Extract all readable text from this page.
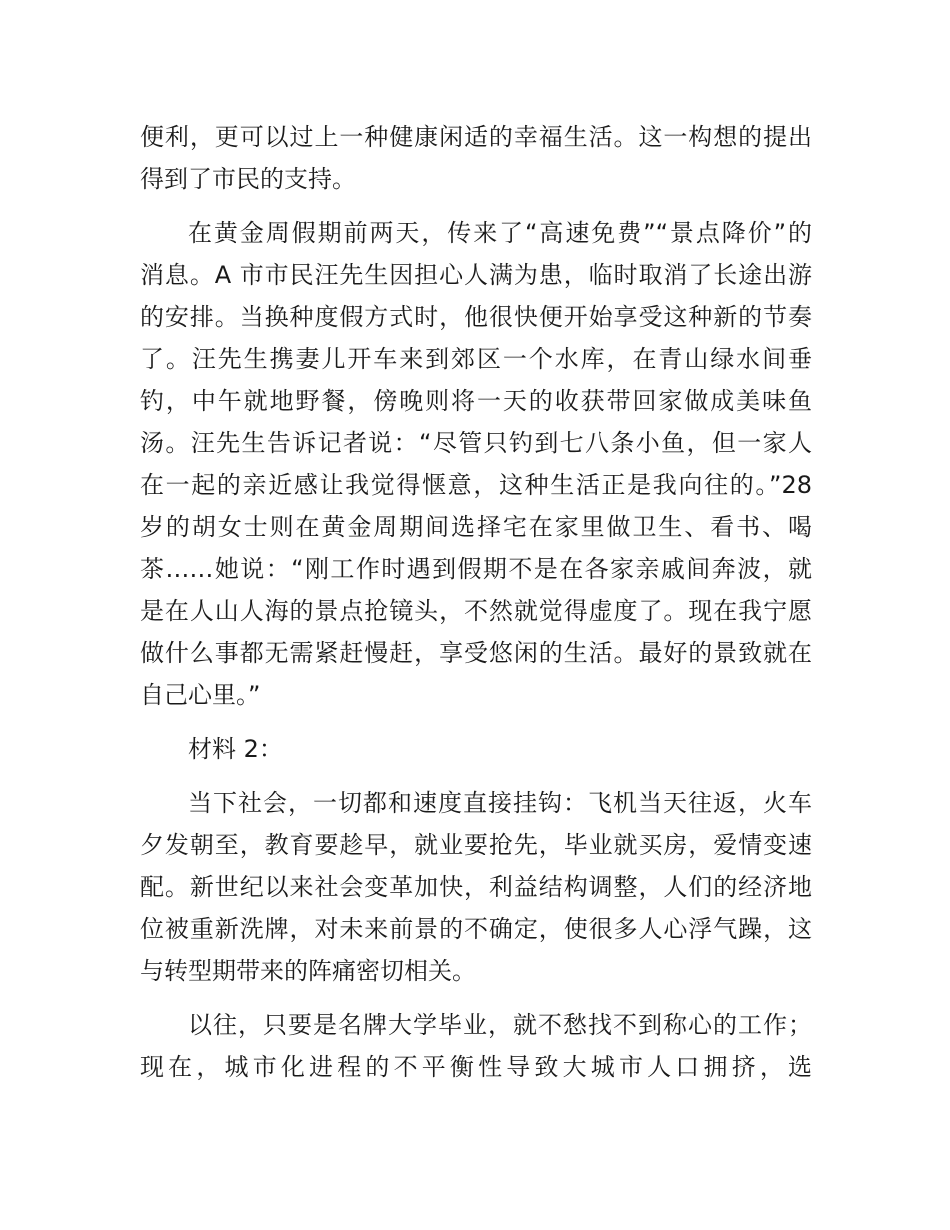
便利，更可以过上一种健康闲适的幸福生活。这一构想的提出
得到了市民的支持。
在黄金周假期前两天，传来了“高速免费”“景点降价”的
消息。A 市市民汪先生因担心人满为患，临时取消了长途出游
的安排。当换种度假方式时，他很快便开始享受这种新的节奏
了。汪先生携妻儿开车来到郊区一个水库，在青山绿水间垂
钓，中午就地野餐，傍晚则将一天的收获带回家做成美味鱼
汤。汪先生告诉记者说：“尽管只钓到七八条小鱼，但一家人
在一起的亲近感让我觉得惬意，这种生活正是我向往的。”28
岁的胡女士则在黄金周期间选择宅在家里做卫生、看书、喝
茶……她说：“刚工作时遇到假期不是在各家亲戚间奔波，就
是在人山人海的景点抢镜头，不然就觉得虚度了。现在我宁愿
做什么事都无需紧赶慢赶，享受悠闲的生活。最好的景致就在
自己心里。”
材料 2：
当下社会，一切都和速度直接挂钩：飞机当天往返，火车
夕发朝至，教育要趁早，就业要抢先，毕业就买房，爱情变速
配。新世纪以来社会变革加快，利益结构调整，人们的经济地
位被重新洗牌，对未来前景的不确定，使很多人心浮气躁，这
与转型期带来的阵痛密切相关。
以往，只要是名牌大学毕业，就不愁找不到称心的工作；
现在，城市化进程的不平衡性导致大城市人口拥挤，选
